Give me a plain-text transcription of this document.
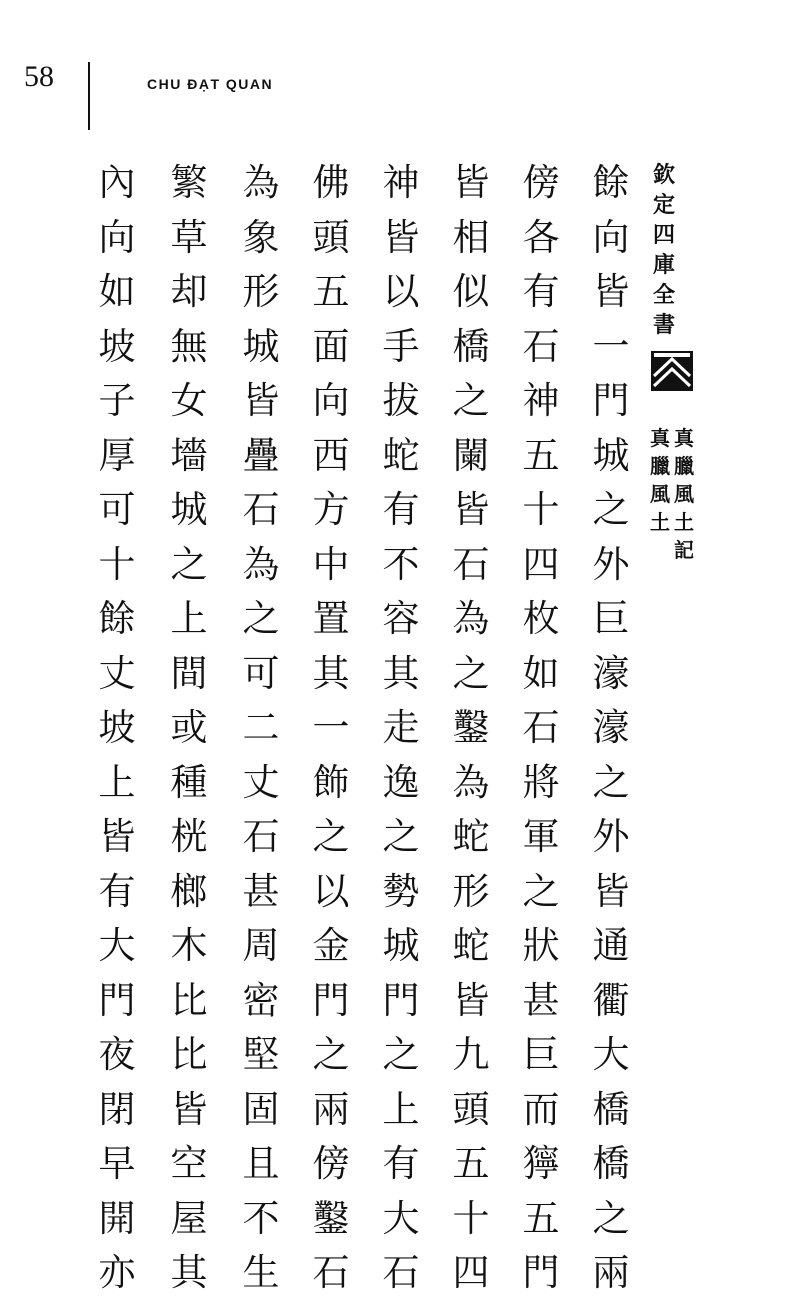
58	CHU ĐẠT QUAN
欽
定
四
庫
全
書
真
臘
風
土
記
真
臘
風
土
餘
向
皆
一
門
城
之
外
巨
濠
濠
之
外
皆
通
衢
大
橋
橋
之
兩
傍
各
有
石
神
五
十
四
枚
如
石
將
軍
之
狀
甚
巨
而
獰
五
門
皆
相
似
橋
之
闌
皆
石
為
之
鑿
為
蛇
形
蛇
皆
九
頭
五
十
四
神
皆
以
手
拔
蛇
有
不
容
其
走
逸
之
勢
城
門
之
上
有
大
石
佛
頭
五
面
向
西
方
中
置
其
一
飾
之
以
金
門
之
兩
傍
鑿
石
為
象
形
城
皆
疊
石
為
之
可
二
丈
石
甚
周
密
堅
固
且
不
生
繁
草
却
無
女
墻
城
之
上
間
或
種
桄
榔
木
比
比
皆
空
屋
其
內
向
如
坡
子
厚
可
十
餘
丈
坡
上
皆
有
大
門
夜
閉
早
開
亦
